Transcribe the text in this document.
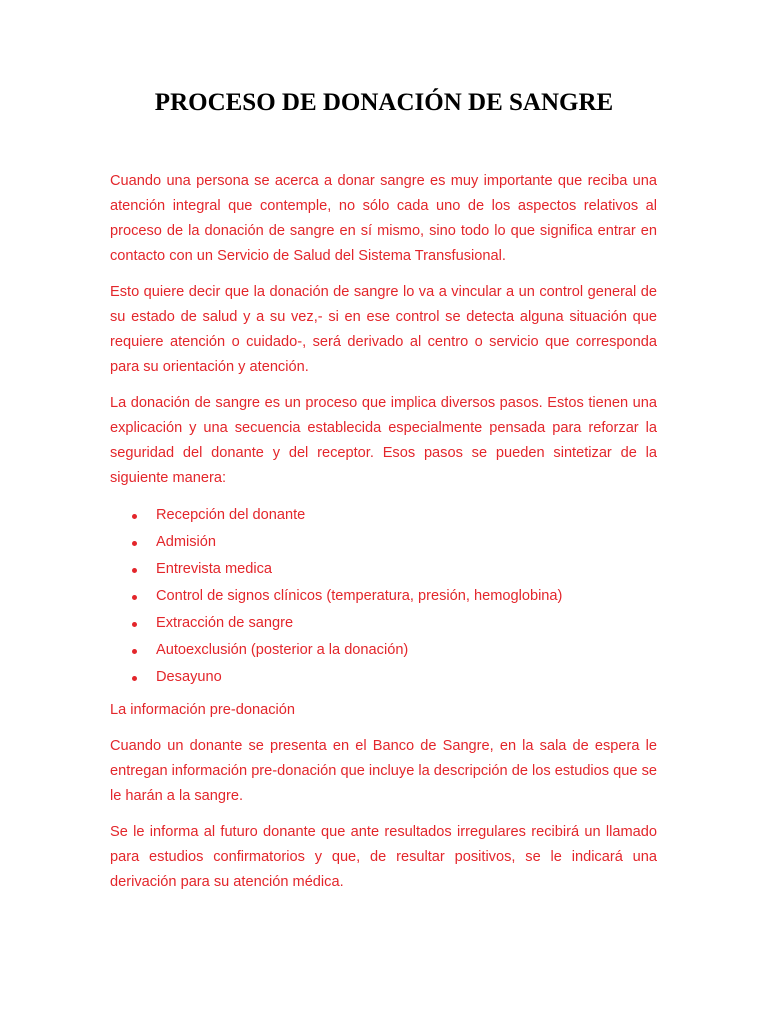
PROCESO DE DONACIÓN DE SANGRE

Cuando una persona se acerca a donar sangre es muy importante que reciba una atención integral que contemple, no sólo cada uno de los aspectos relativos al proceso de la donación de sangre en sí mismo, sino todo lo que significa entrar en contacto con un Servicio de Salud del Sistema Transfusional.

Esto quiere decir que la donación de sangre lo va a vincular a un control general de su estado de salud y a su vez,- si en ese control se detecta alguna situación que requiere atención o cuidado-, será derivado al centro o servicio que corresponda para su orientación y atención.

La donación de sangre es un proceso que implica diversos pasos. Estos tienen una explicación y una secuencia establecida especialmente pensada para reforzar la seguridad del donante y del receptor. Esos pasos se pueden sintetizar de la siguiente manera:

Recepción del donante
Admisión
Entrevista medica
Control de signos clínicos (temperatura, presión, hemoglobina)
Extracción de sangre
Autoexclusión (posterior a la donación)
Desayuno

La información pre-donación

Cuando un donante se presenta en el Banco de Sangre, en la sala de espera le entregan información pre-donación que incluye la descripción de los estudios que se le harán a la sangre.

Se le informa al futuro donante que ante resultados irregulares recibirá un llamado para estudios confirmatorios y que, de resultar positivos, se le indicará una derivación para su atención médica.
